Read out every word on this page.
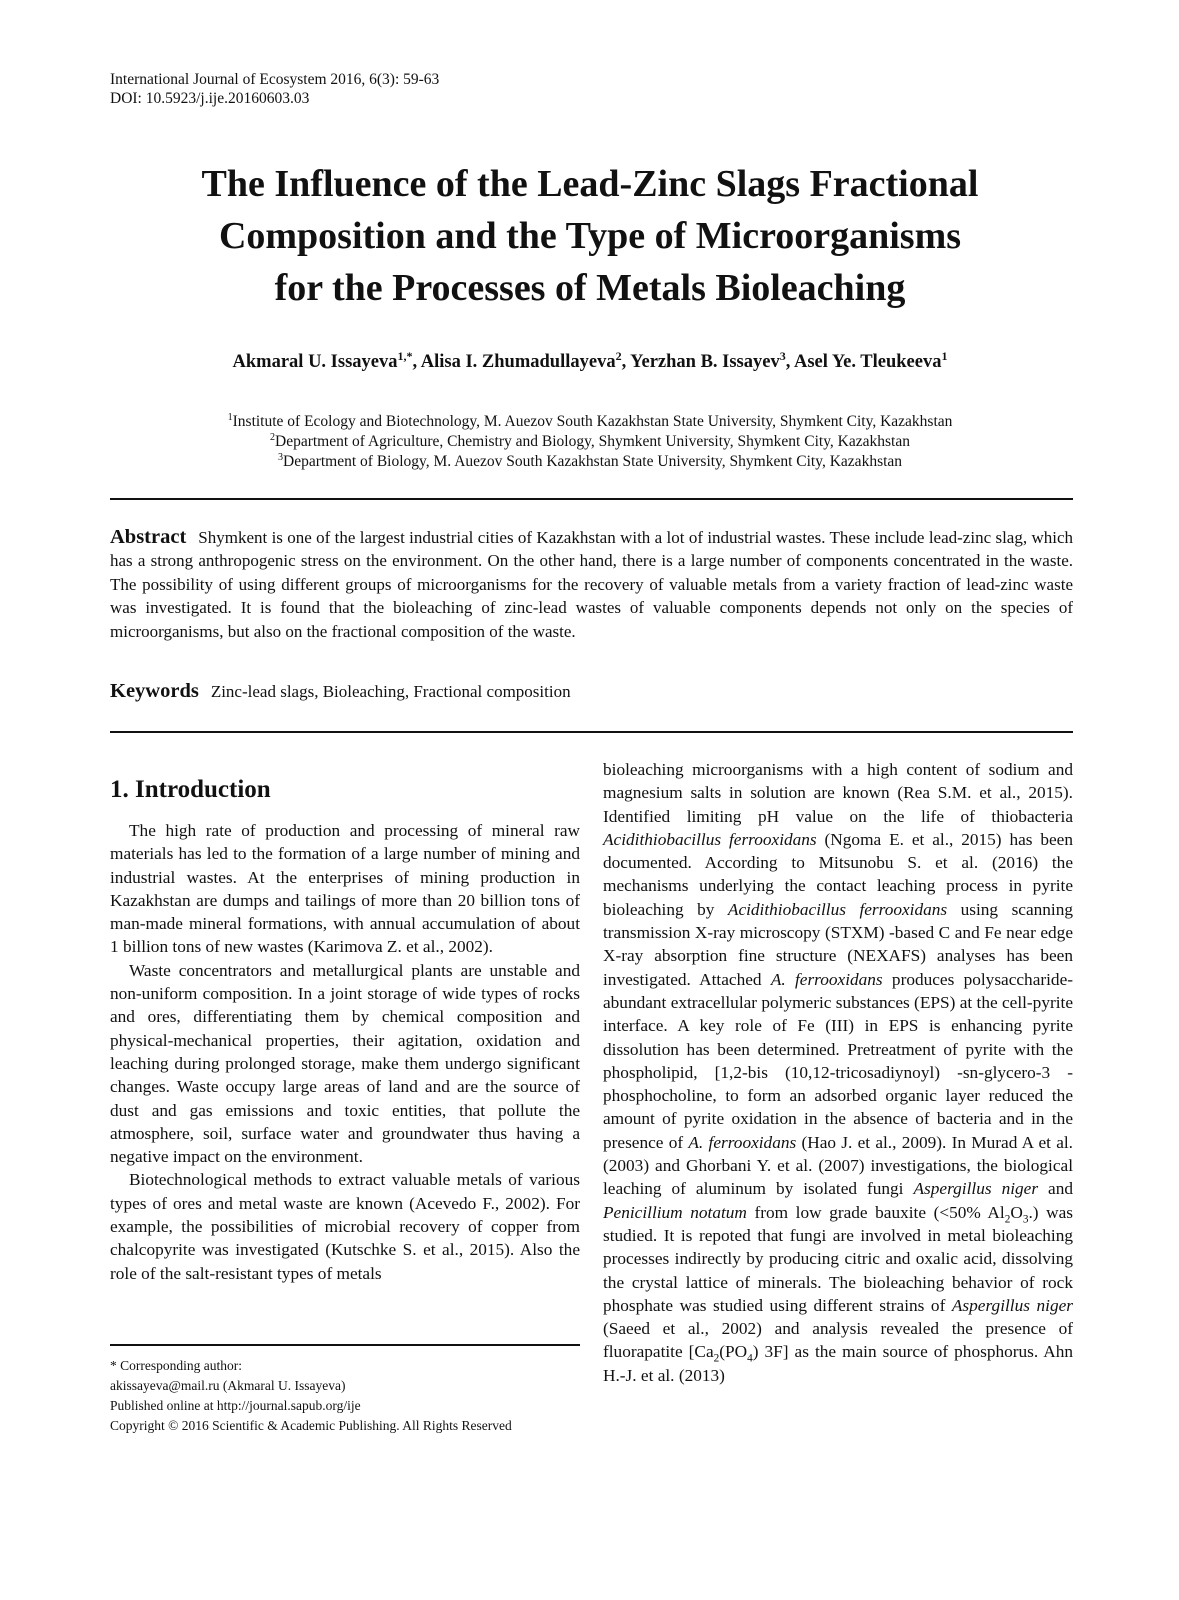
International Journal of Ecosystem 2016, 6(3): 59-63
DOI: 10.5923/j.ije.20160603.03
The Influence of the Lead-Zinc Slags Fractional
Composition and the Type of Microorganisms
for the Processes of Metals Bioleaching
Akmaral U. Issayeva$^{1,*}$, Alisa I. Zhumadullayeva$^2$, Yerzhan B. Issayev$^3$, Asel Ye. Tleukeeva$^1$
$^1$Institute of Ecology and Biotechnology, M. Auezov South Kazakhstan State University, Shymkent City, Kazakhstan
$^2$Department of Agriculture, Chemistry and Biology, Shymkent University, Shymkent City, Kazakhstan
$^3$Department of Biology, M. Auezov South Kazakhstan State University, Shymkent City, Kazakhstan
Abstract Shymkent is one of the largest industrial cities of Kazakhstan with a lot of industrial wastes. These include lead-zinc slag, which has a strong anthropogenic stress on the environment. On the other hand, there is a large number of components concentrated in the waste. The possibility of using different groups of microorganisms for the recovery of valuable metals from a variety fraction of lead-zinc waste was investigated. It is found that the bioleaching of zinc-lead wastes of valuable components depends not only on the species of microorganisms, but also on the fractional composition of the waste.
Keywords Zinc-lead slags, Bioleaching, Fractional composition
1. Introduction

The high rate of production and processing of mineral raw materials has led to the formation of a large number of mining and industrial wastes. At the enterprises of mining production in Kazakhstan are dumps and tailings of more than 20 billion tons of man-made mineral formations, with annual accumulation of about 1 billion tons of new wastes (Karimova Z. et al., 2002).

Waste concentrators and metallurgical plants are unstable and non-uniform composition. In a joint storage of wide types of rocks and ores, differentiating them by chemical composition and physical-mechanical properties, their agitation, oxidation and leaching during prolonged storage, make them undergo significant changes. Waste occupy large areas of land and are the source of dust and gas emissions and toxic entities, that pollute the atmosphere, soil, surface water and groundwater thus having a negative impact on the environment.

Biotechnological methods to extract valuable metals of various types of ores and metal waste are known (Acevedo F., 2002). For example, the possibilities of microbial recovery of copper from chalcopyrite was investigated (Kutschke S. et al., 2015). Also the role of the salt-resistant types of metals

bioleaching microorganisms with a high content of sodium and magnesium salts in solution are known (Rea S.M. et al., 2015). Identified limiting pH value on the life of thiobacteria Acidithiobacillus ferrooxidans (Ngoma E. et al., 2015) has been documented. According to Mitsunobu S. et al. (2016) the mechanisms underlying the contact leaching process in pyrite bioleaching by Acidithiobacillus ferrooxidans using scanning transmission X-ray microscopy (STXM) -based C and Fe near edge X-ray absorption fine structure (NEXAFS) analyses has been investigated. Attached A. ferrooxidans produces polysaccharide-abundant extracellular polymeric substances (EPS) at the cell-pyrite interface. A key role of Fe (III) in EPS is enhancing pyrite dissolution has been determined. Pretreatment of pyrite with the phospholipid, [1,2-bis (10,12-tricosadiynoyl) -sn-glycero-3 -phosphocholine, to form an adsorbed organic layer reduced the amount of pyrite oxidation in the absence of bacteria and in the presence of A. ferrooxidans (Hao J. et al., 2009). In Murad A et al. (2003) and Ghorbani Y. et al. (2007) investigations, the biological leaching of aluminum by isolated fungi Aspergillus niger and Penicillium notatum from low grade bauxite (<50% $Al_2O_3$.) was studied. It is repoted that fungi are involved in metal bioleaching processes indirectly by producing citric and oxalic acid, dissolving the crystal lattice of minerals. The bioleaching behavior of rock phosphate was studied using different strains of Aspergillus niger (Saeed et al., 2002) and analysis revealed the presence of fluorapatite [$Ca_2(PO_4)$ 3F] as the main source of phosphorus. Ahn H.-J. et al. (2013)

* Corresponding author:
akissayeva@mail.ru (Akmaral U. Issayeva)
Published online at http://journal.sapub.org/ije
Copyright © 2016 Scientific & Academic Publishing. All Rights Reserved
